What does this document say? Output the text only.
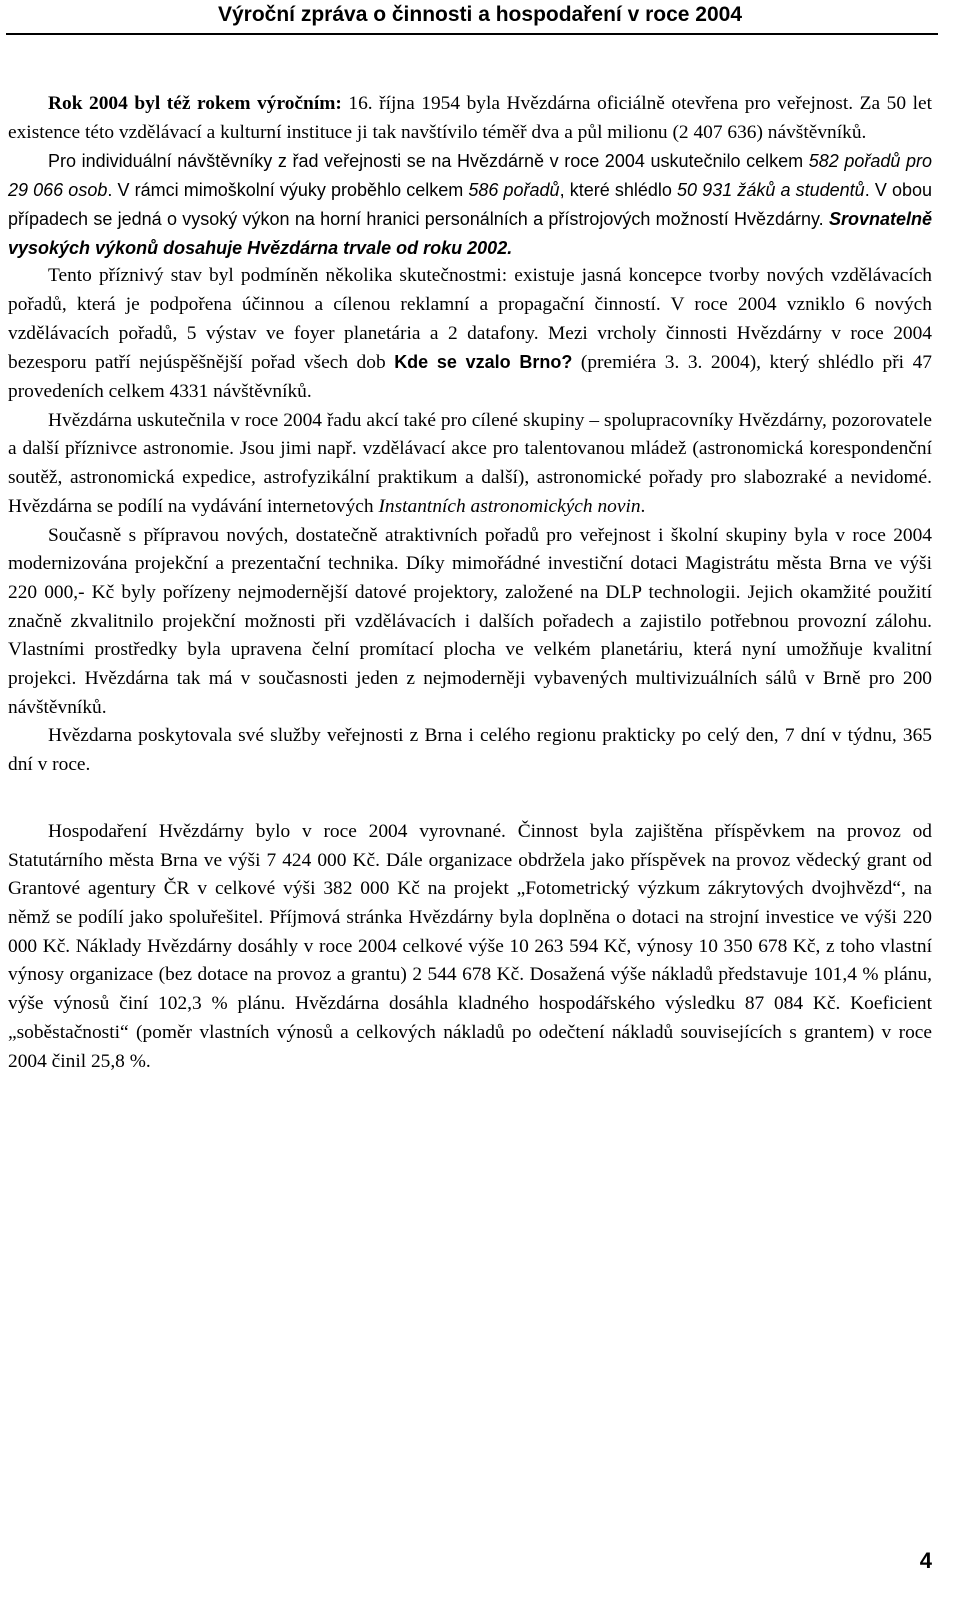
Výroční zpráva o činnosti a hospodaření v roce 2004

Rok 2004 byl též rokem výročním: 16. října 1954 byla Hvězdárna oficiálně otevřena pro veřejnost. Za 50 let existence této vzdělávací a kulturní instituce ji tak navštívilo téměř dva a půl milionu (2 407 636) návštěvníků.

Pro individuální návštěvníky z řad veřejnosti se na Hvězdárně v roce 2004 uskutečnilo celkem 582 pořadů pro 29 066 osob. V rámci mimoškolní výuky proběhlo celkem 586 pořadů, které shlédlo 50 931 žáků a studentů. V obou případech se jedná o vysoký výkon na horní hranici personálních a přístrojových možností Hvězdárny. Srovnatelně vysokých výkonů dosahuje Hvězdárna trvale od roku 2002.

Tento příznivý stav byl podmíněn několika skutečnostmi: existuje jasná koncepce tvorby nových vzdělávacích pořadů, která je podpořena účinnou a cílenou reklamní a propagační činností. V roce 2004 vzniklo 6 nových vzdělávacích pořadů, 5 výstav ve foyer planetária a 2 datafony. Mezi vrcholy činnosti Hvězdárny v roce 2004 bezesporu patří nejúspěšnější pořad všech dob Kde se vzalo Brno? (premiéra 3. 3. 2004), který shlédlo při 47 provedeních celkem 4331 návštěvníků.

Hvězdárna uskutečnila v roce 2004 řadu akcí také pro cílené skupiny – spolupracovníky Hvězdárny, pozorovatele a další příznivce astronomie. Jsou jimi např. vzdělávací akce pro talentovanou mládež (astronomická korespondenční soutěž, astronomická expedice, astrofyzikální praktikum a další), astronomické pořady pro slabozraké a nevidomé. Hvězdárna se podílí na vydávání internetových Instantních astronomických novin.

Současně s přípravou nových, dostatečně atraktivních pořadů pro veřejnost i školní skupiny byla v roce 2004 modernizována projekční a prezentační technika. Díky mimořádné investiční dotaci Magistrátu města Brna ve výši 220 000,- Kč byly pořízeny nejmodernější datové projektory, založené na DLP technologii. Jejich okamžité použití značně zkvalitnilo projekční možnosti při vzdělávacích i dalších pořadech a zajistilo potřebnou provozní zálohu. Vlastními prostředky byla upravena čelní promítací plocha ve velkém planetáriu, která nyní umožňuje kvalitní projekci. Hvězdárna tak má v současnosti jeden z nejmoderněji vybavených multivizuálních sálů v Brně pro 200 návštěvníků.

Hvězdarna poskytovala své služby veřejnosti z Brna i celého regionu prakticky po celý den, 7 dní v týdnu, 365 dní v roce.

Hospodaření Hvězdárny bylo v roce 2004 vyrovnané. Činnost byla zajištěna příspěvkem na provoz od Statutárního města Brna ve výši 7 424 000 Kč. Dále organizace obdržela jako příspěvek na provoz vědecký grant od Grantové agentury ČR v celkové výši 382 000 Kč na projekt „Fotometrický výzkum zákrytových dvojhvězd“, na němž se podílí jako spoluřešitel. Příjmová stránka Hvězdárny byla doplněna o dotaci na strojní investice ve výši 220 000 Kč. Náklady Hvězdárny dosáhly v roce 2004 celkové výše 10 263 594 Kč, výnosy 10 350 678 Kč, z toho vlastní výnosy organizace (bez dotace na provoz a grantu) 2 544 678 Kč. Dosažená výše nákladů představuje 101,4 % plánu, výše výnosů činí 102,3 % plánu. Hvězdárna dosáhla kladného hospodářského výsledku 87 084 Kč. Koeficient „soběstačnosti“ (poměr vlastních výnosů a celkových nákladů po odečtení nákladů souvisejících s grantem) v roce 2004 činil 25,8 %.

4
